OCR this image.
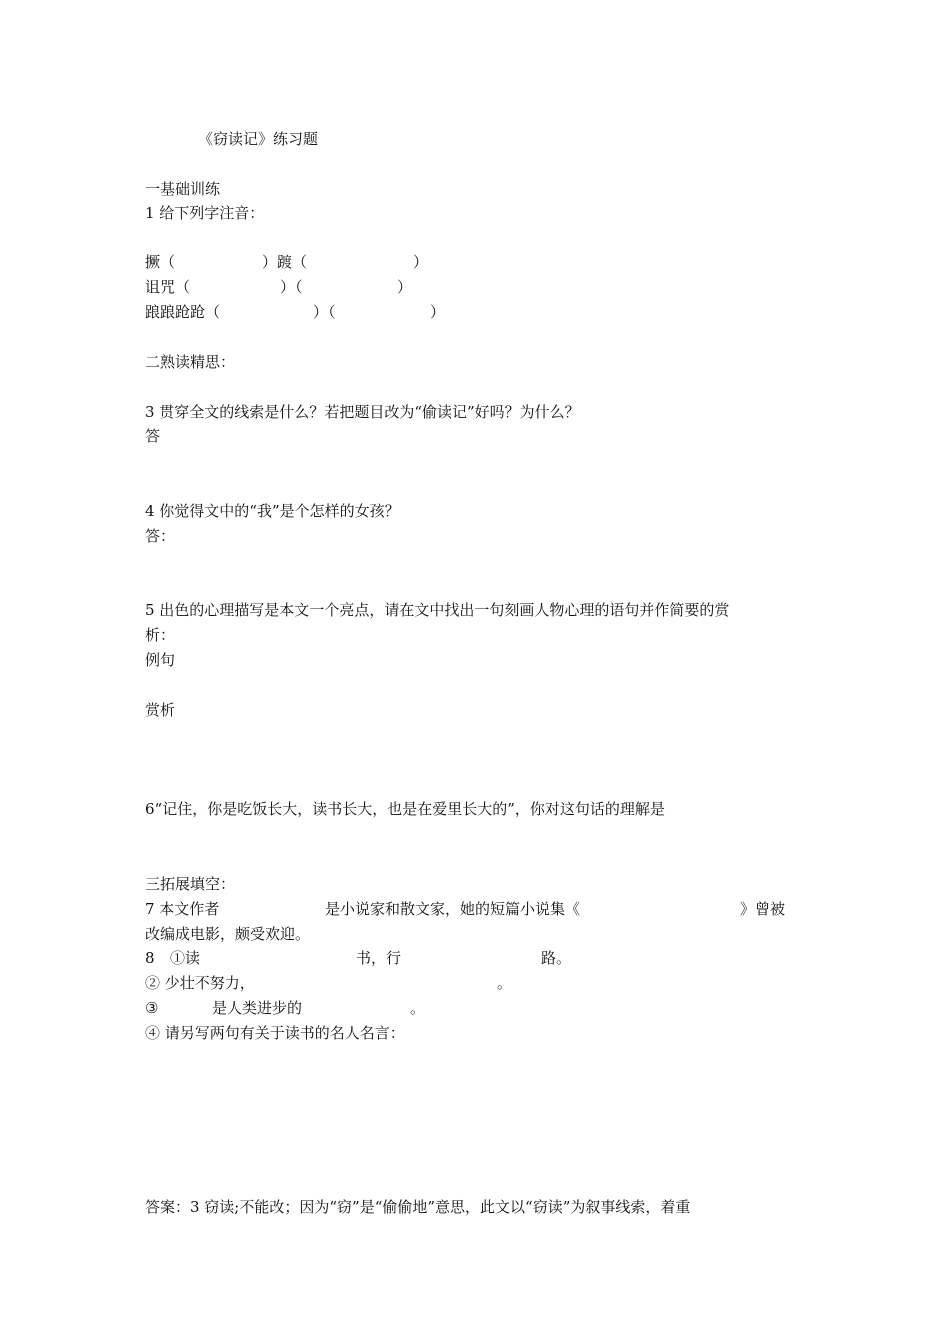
《窃读记》练习题
一基础训练
1 给下列字注音：
撅（	）踱（	）
诅咒（	）（	）
踉踉跄跄（	）（	）
二熟读精思：
3 贯穿全文的线索是什么？若把题目改为“偷读记”好吗？为什么？
答
4 你觉得文中的“我”是个怎样的女孩？
答：
5 出色的心理描写是本文一个亮点，请在文中找出一句刻画人物心理的语句并作简要的赏
析：
例句
赏析
6“记住，你是吃饭长大，读书长大，也是在爱里长大的”，你对这句话的理解是
三拓展填空：
7 本文作者	是小说家和散文家，她的短篇小说集《	》曾被
改编成电影，颇受欢迎。
8 ①读	书，行	路。
② 少壮不努力，	。
③	是人类进步的	。
④ 请另写两句有关于读书的名人名言：
答案：3 窃读;不能改；因为“窃”是“偷偷地”意思，此文以“窃读”为叙事线索，着重
